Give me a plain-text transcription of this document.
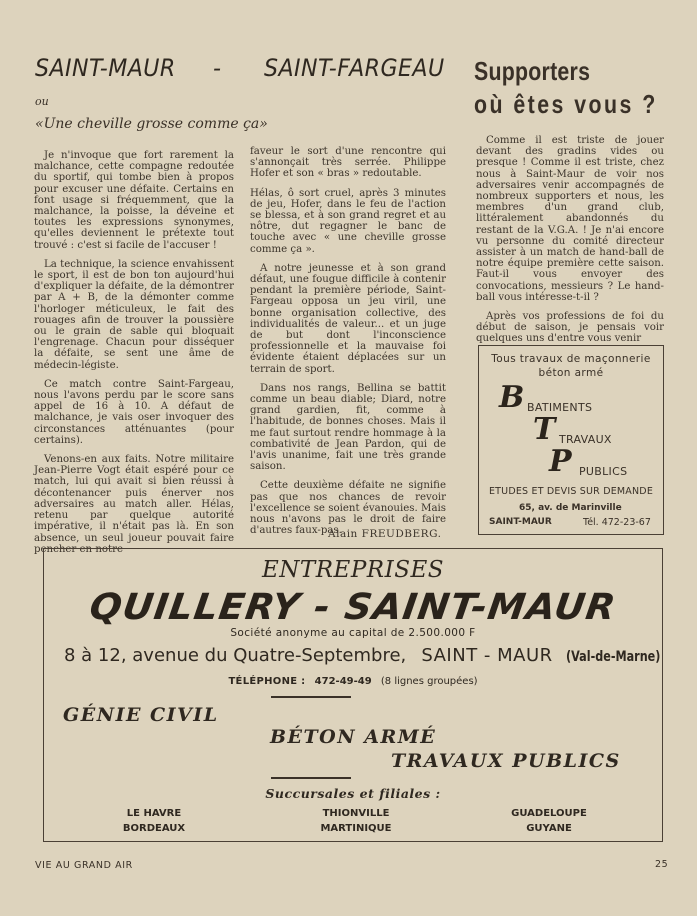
SAINT-MAUR - SAINT-FARGEAU
ou
«Une cheville grosse comme ça»
Supporters
où êtes vous ?

Je n'invoque que fort rarement la malchance, cette compagne redoutée du sportif, qui tombe bien à propos pour excuser une défaite. Certains en font usage si fréquemment, que la malchance, la poisse, la déveine et toutes les expressions synonymes, qu'elles deviennent le prétexte tout trouvé : c'est si facile de l'accuser !

La technique, la science envahissent le sport, il est de bon ton aujourd'hui d'expliquer la défaite, de la démontrer par A + B, de la démonter comme l'horloger méticuleux, le fait des rouages afin de trouver la poussière ou le grain de sable qui bloquait l'engrenage. Chacun pour disséquer la défaite, se sent une âme de médecin-légiste.

Ce match contre Saint-Fargeau, nous l'avons perdu par le score sans appel de 16 à 10. A défaut de malchance, je vais oser invoquer des circonstances atténuantes (pour certains).

Venons-en aux faits. Notre militaire Jean-Pierre Vogt était espéré pour ce match, lui qui avait si bien réussi à décontenancer puis énerver nos adversaires au match aller. Hélas, retenu par quelque autorité impérative, il n'était pas là. En son absence, un seul joueur pouvait faire pencher en notre

faveur le sort d'une rencontre qui s'annonçait très serrée. Philippe Hofer et son « bras » redoutable.

Hélas, ô sort cruel, après 3 minutes de jeu, Hofer, dans le feu de l'action se blessa, et à son grand regret et au nôtre, dut regagner le banc de touche avec « une cheville grosse comme ça ».

A notre jeunesse et à son grand défaut, une fougue difficile à contenir pendant la première période, Saint-Fargeau opposa un jeu viril, une bonne organisation collective, des individualités de valeur... et un juge de but dont l'inconscience professionnelle et la mauvaise foi évidente étaient déplacées sur un terrain de sport.

Dans nos rangs, Bellina se battit comme un beau diable; Diard, notre grand gardien, fit, comme à l'habitude, de bonnes choses. Mais il me faut surtout rendre hommage à la combativité de Jean Pardon, qui de l'avis unanime, fait une très grande saison.

Cette deuxième défaite ne signifie pas que nos chances de revoir l'excellence se soient évanouies. Mais nous n'avons pas le droit de faire d'autres faux-pas.

Alain FREUDBERG.

Comme il est triste de jouer devant des gradins vides ou presque ! Comme il est triste, chez nous à Saint-Maur de voir nos adversaires venir accompagnés de nombreux supporters et nous, les membres d'un grand club, littéralement abandonnés du restant de la V.G.A. ! Je n'ai encore vu personne du comité directeur assister à un match de hand-ball de notre équipe première cette saison. Faut-il vous envoyer des convocations, messieurs ? Le hand-ball vous intéresse-t-il ?

Après vos professions de foi du début de saison, je pensais voir quelques uns d'entre vous venir

Tous travaux de maçonnerie
béton armé
B BATIMENTS
T TRAVAUX
P PUBLICS
ETUDES ET DEVIS SUR DEMANDE
65, av. de Marinville
SAINT-MAUR	Tél. 472-23-67
ENTREPRISES
QUILLERY - SAINT-MAUR
Société anonyme au capital de 2.500.000 F
8 à 12, avenue du Quatre-Septembre, SAINT - MAUR (Val-de-Marne)
TÉLÉPHONE : 472-49-49 (8 lignes groupées)
GÉNIE CIVIL
BÉTON ARMÉ
TRAVAUX PUBLICS
Succursales et filiales :
LE HAVRE
BORDEAUX
THIONVILLE
MARTINIQUE
GUADELOUPE
GUYANE
VIE AU GRAND AIR	25
